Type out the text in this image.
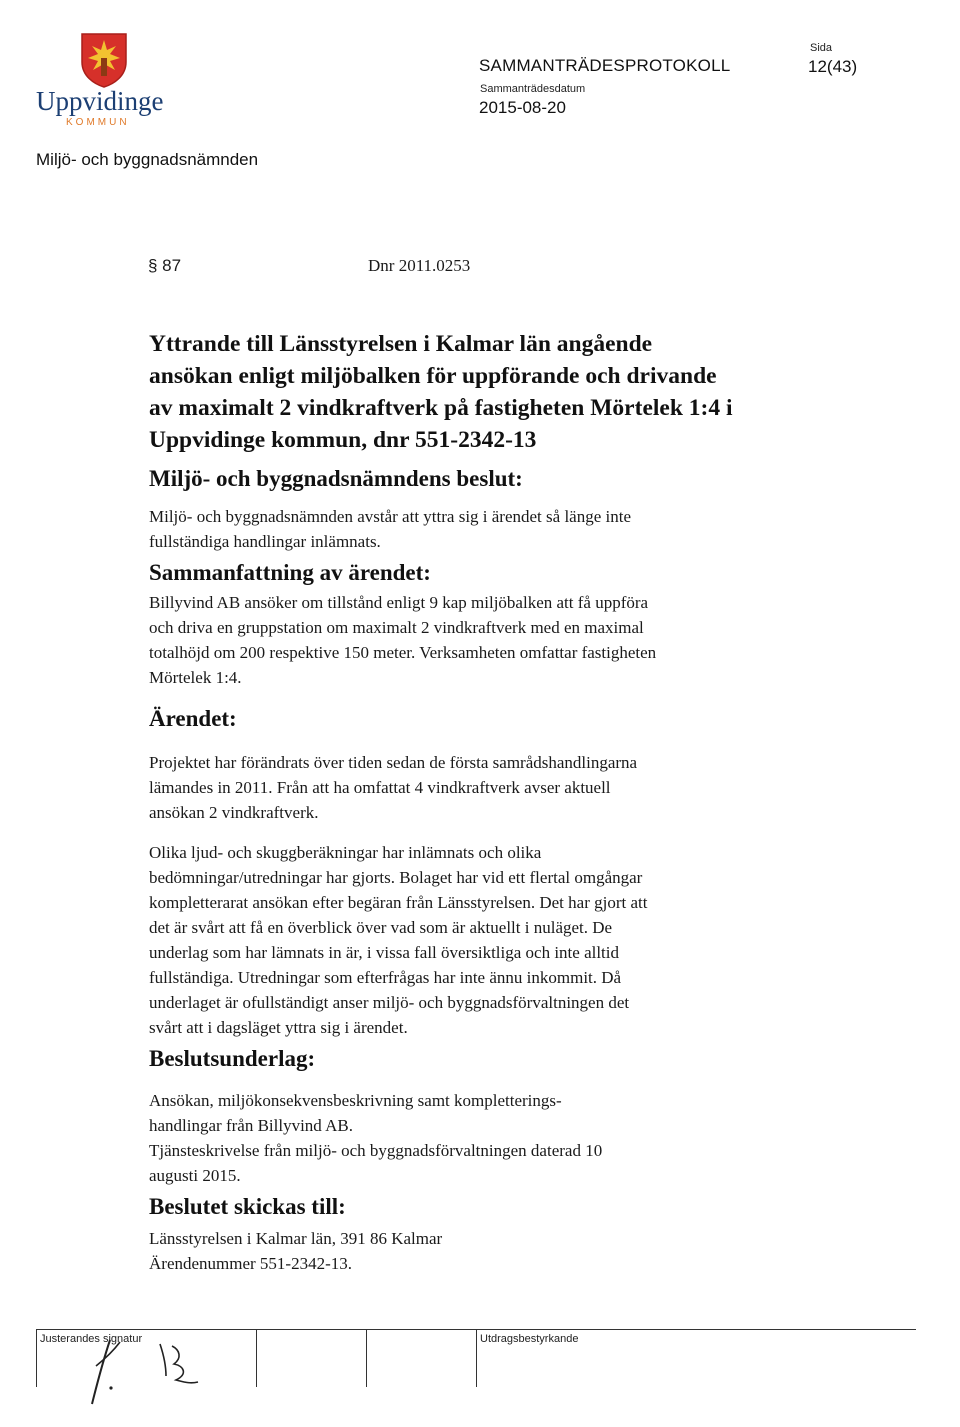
Uppvidinge
KOMMUN
Miljö- och byggnadsnämnden
SAMMANTRÄDESPROTOKOLL
Sammanträdesdatum
2015-08-20
Sida
12(43)
§ 87	Dnr 2011.0253
Yttrande till Länsstyrelsen i Kalmar län angående
ansökan enligt miljöbalken för uppförande och drivande
av maximalt 2 vindkraftverk på fastigheten Mörtelek 1:4 i
Uppvidinge kommun, dnr 551-2342-13
Miljö- och byggnadsnämndens beslut:
Miljö- och byggnadsnämnden avstår att yttra sig i ärendet så länge inte
fullständiga handlingar inlämnats.
Sammanfattning av ärendet:
Billyvind AB ansöker om tillstånd enligt 9 kap miljöbalken att få uppföra
och driva en gruppstation om maximalt 2 vindkraftverk med en maximal
totalhöjd om 200 respektive 150 meter. Verksamheten omfattar fastigheten
Mörtelek 1:4.
Ärendet:
Projektet har förändrats över tiden sedan de första samrådshandlingarna
lämandes in 2011. Från att ha omfattat 4 vindkraftverk avser aktuell
ansökan 2 vindkraftverk.
Olika ljud- och skuggberäkningar har inlämnats och olika
bedömningar/utredningar har gjorts. Bolaget har vid ett flertal omgångar
kompletterarat ansökan efter begäran från Länsstyrelsen. Det har gjort att
det är svårt att få en överblick över vad som är aktuellt i nuläget. De
underlag som har lämnats in är, i vissa fall översiktliga och inte alltid
fullständiga. Utredningar som efterfrågas har inte ännu inkommit. Då
underlaget är ofullständigt anser miljö- och byggnadsförvaltningen det
svårt att i dagsläget yttra sig i ärendet.
Beslutsunderlag:
Ansökan, miljökonsekvensbeskrivning samt kompletterings-
handlingar från Billyvind AB.
Tjänsteskrivelse från miljö- och byggnadsförvaltningen daterad 10
augusti 2015.
Beslutet skickas till:
Länsstyrelsen i Kalmar län, 391 86 Kalmar
Ärendenummer 551-2342-13.
Justerandes signatur	Utdragsbestyrkande
